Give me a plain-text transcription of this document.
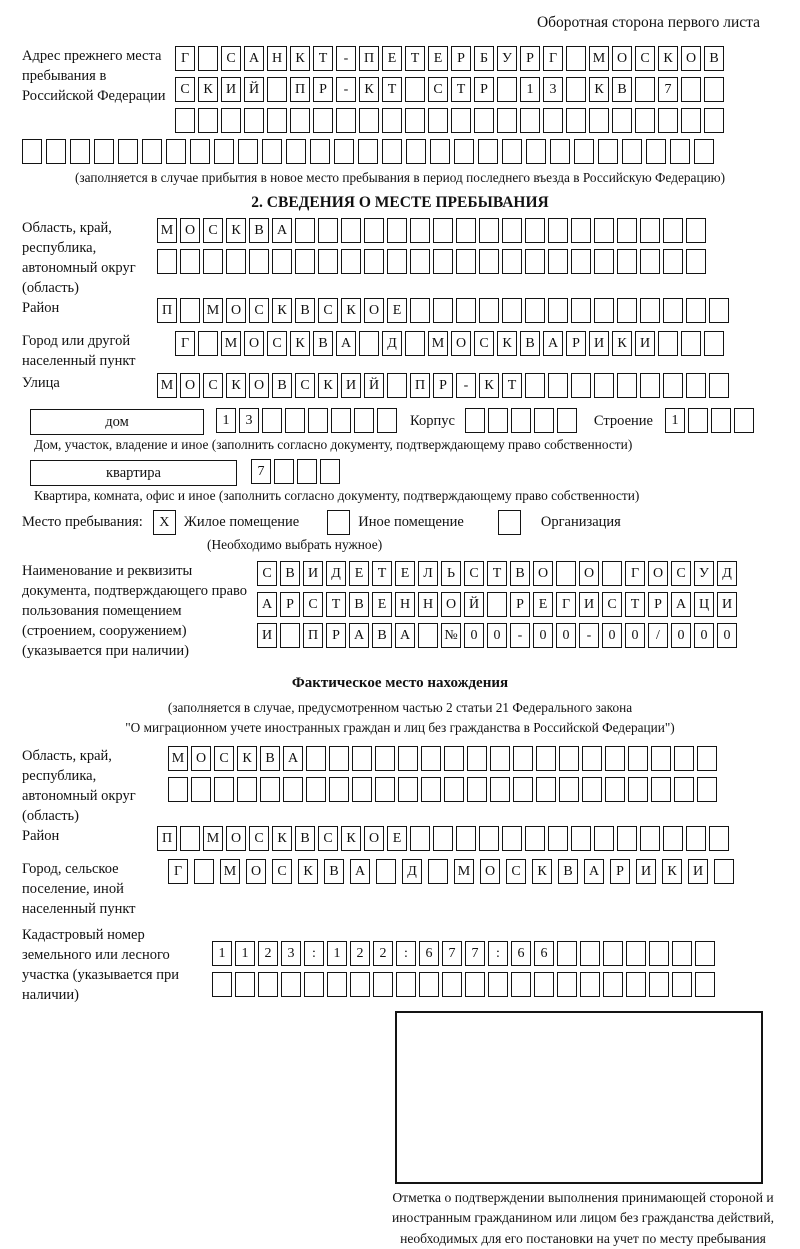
Оборотная сторона первого листа
Адрес прежнего места пребывания в Российской Федерации
Г	С А Н К Т - П Е Т Е Р Б У Р Г	М О С К О В
С К И Й	П Р - К Т	С Т Р	1 3	К В	7
(заполняется в случае прибытия в новое место пребывания в период последнего въезда в Российскую Федерацию)
2. СВЕДЕНИЯ О МЕСТЕ ПРЕБЫВАНИЯ
Область, край, республика, автономный округ (область)
М О С К В А
Район	П М О С К В С К О Е
Город или другой населенный пункт
Г	М О С К В А	Д М О С К В А Р И К И
Улица	М О С К О В С К И Й	П Р - К Т
дом	1 3	Корпус	Строение 1
Дом, участок, владение и иное (заполнить согласно документу, подтверждающему право собственности)
квартира	7
Квартира, комната, офис и иное (заполнить согласно документу, подтверждающему право собственности)
Место пребывания:	X Жилое помещение	Иное помещение	Организация
(Необходимо выбрать нужное)
Наименование и реквизиты документа, подтверждающего право пользования помещением (строением, сооружением) (указывается при наличии)
С В И Д Е Т Е Л Ь С Т В О	О	Г О С У Д
А Р С Т В Е Н Н О Й	Р Е Г И С Т Р А Ц И
И	П Р А В А № 0 0 - 0 0 - 0 0 / 0 0 0
Фактическое место нахождения
(заполняется в случае, предусмотренном частью 2 статьи 21 Федерального закона
"О миграционном учете иностранных граждан и лиц без гражданства в Российской Федерации")
Область, край, республика, автономный округ (область)
М О С К В А
Район	П М О С К В С К О Е
Город, сельское поселение, иной населенный пункт
Г	М О С К В А	Д	М О С К В А Р И К И
Кадастровый номер земельного или лесного участка (указывается при наличии)
1 1 2 3 : 1 2 2 : 6 7 7 : 6 6
Отметка о подтверждении выполнения принимающей стороной и иностранным гражданином или лицом без гражданства действий, необходимых для его постановки на учет по месту пребывания
